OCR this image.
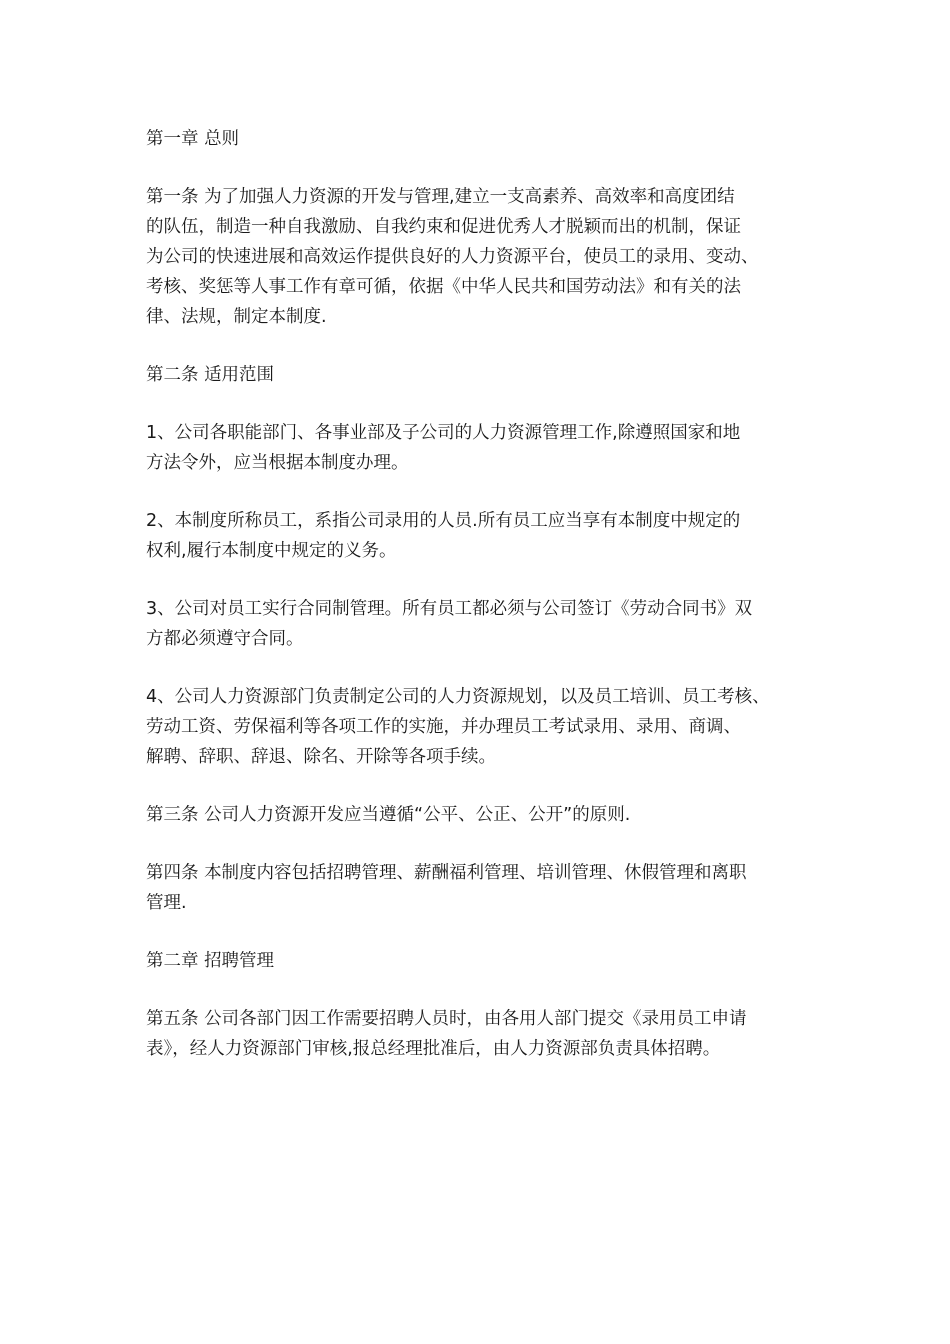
第一章 总则
第一条 为了加强人力资源的开发与管理,建立一支高素养、高效率和高度团结
的队伍，制造一种自我激励、自我约束和促进优秀人才脱颖而出的机制，保证
为公司的快速进展和高效运作提供良好的人力资源平台，使员工的录用、变动、
考核、奖惩等人事工作有章可循，依据《中华人民共和国劳动法》和有关的法
律、法规，制定本制度.
第二条 适用范围
1、公司各职能部门、各事业部及子公司的人力资源管理工作,除遵照国家和地
方法令外，应当根据本制度办理。
2、本制度所称员工，系指公司录用的人员.所有员工应当享有本制度中规定的
权利,履行本制度中规定的义务。
3、公司对员工实行合同制管理。所有员工都必须与公司签订《劳动合同书》双
方都必须遵守合同。
4、公司人力资源部门负责制定公司的人力资源规划，以及员工培训、员工考核、
劳动工资、劳保福利等各项工作的实施，并办理员工考试录用、录用、商调、
解聘、辞职、辞退、除名、开除等各项手续。
第三条 公司人力资源开发应当遵循“公平、公正、公开”的原则.
第四条 本制度内容包括招聘管理、薪酬福利管理、培训管理、休假管理和离职
管理.
第二章 招聘管理
第五条 公司各部门因工作需要招聘人员时，由各用人部门提交《录用员工申请
表》，经人力资源部门审核,报总经理批准后，由人力资源部负责具体招聘。
